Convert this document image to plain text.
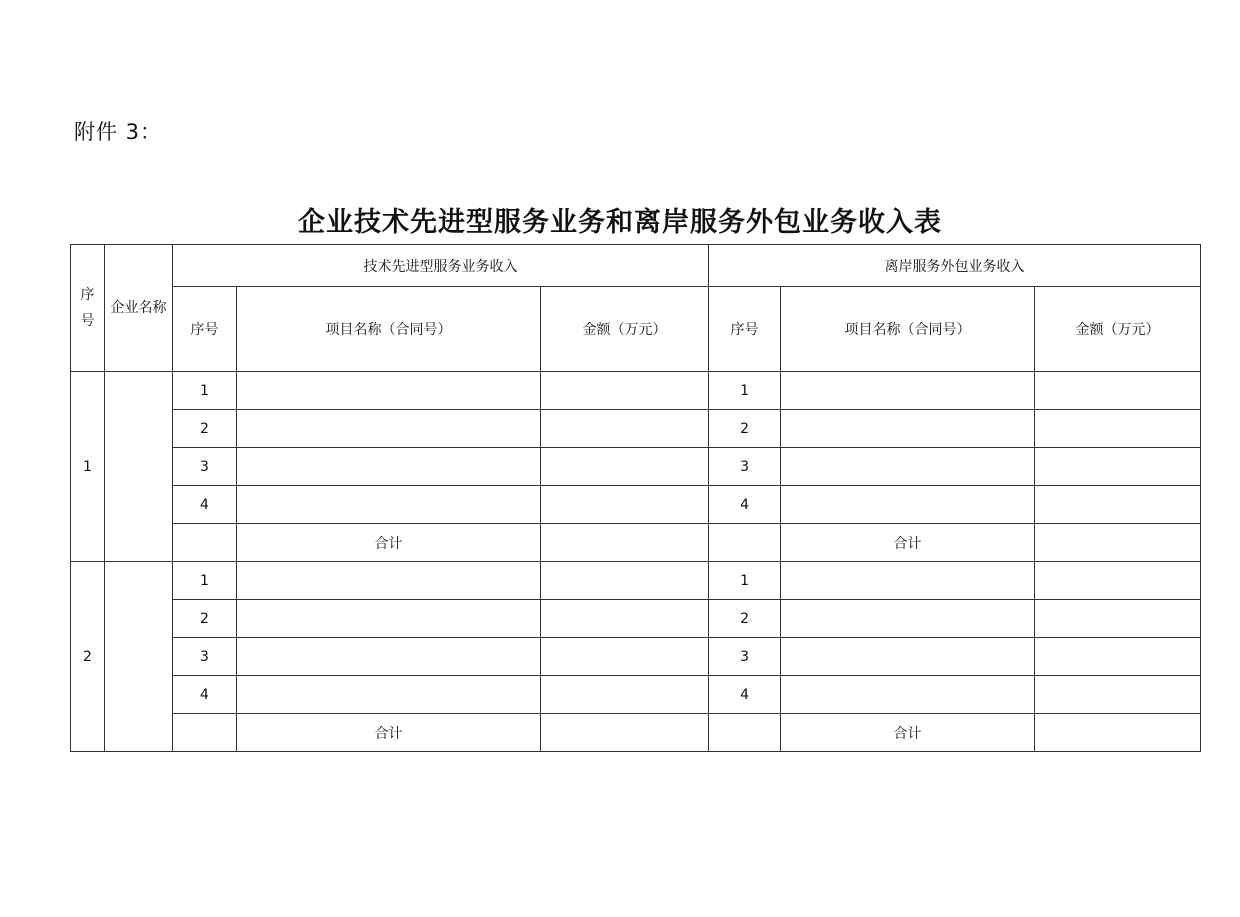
附件 3：
企业技术先进型服务业务和离岸服务外包业务收入表
序号	企业名称	技术先进型服务业务收入			离岸服务外包业务收入		
		序号	项目名称（合同号）	金额（万元）	序号	项目名称（合同号）	金额（万元）
1		1			1		
		2			2		
		3			3		
		4			4		
			合计			合计	
2		1			1		
		2			2		
		3			3		
		4			4		
			合计			合计	
